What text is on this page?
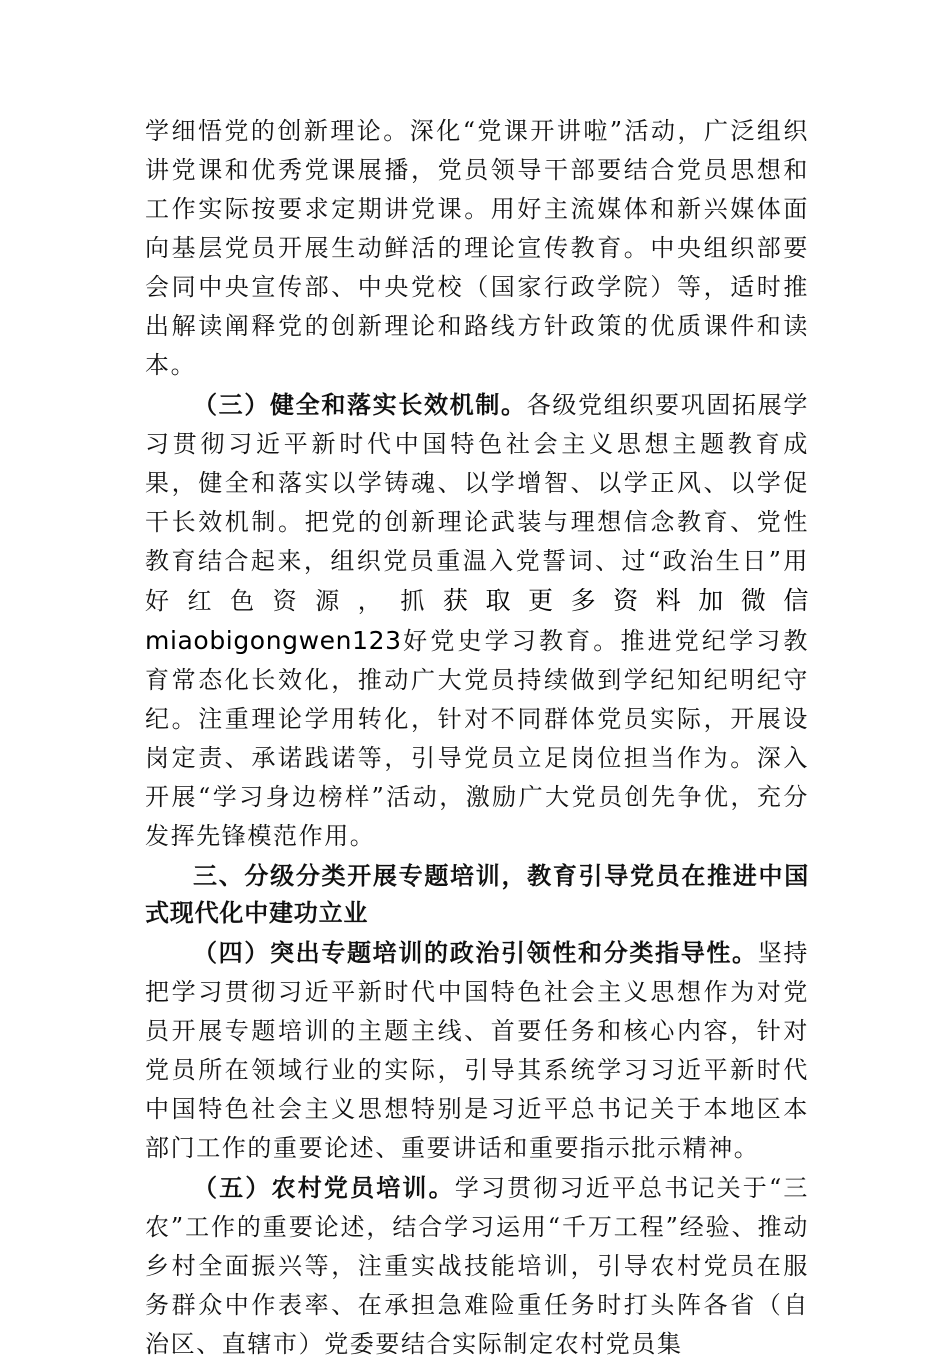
学细悟党的创新理论。深化“党课开讲啦”活动，广泛组织讲党课和优秀党课展播，党员领导干部要结合党员思想和工作实际按要求定期讲党课。用好主流媒体和新兴媒体面向基层党员开展生动鲜活的理论宣传教育。中央组织部要会同中央宣传部、中央党校（国家行政学院）等，适时推出解读阐释党的创新理论和路线方针政策的优质课件和读本。

（三）健全和落实长效机制。各级党组织要巩固拓展学习贯彻习近平新时代中国特色社会主义思想主题教育成果，健全和落实以学铸魂、以学增智、以学正风、以学促干长效机制。把党的创新理论武装与理想信念教育、党性教育结合起来，组织党员重温入党誓词、过“政治生日”用好红色资源，抓获取更多资料加微信miaobigongwen123好党史学习教育。推进党纪学习教育常态化长效化，推动广大党员持续做到学纪知纪明纪守纪。注重理论学用转化，针对不同群体党员实际，开展设岗定责、承诺践诺等，引导党员立足岗位担当作为。深入开展“学习身边榜样”活动，激励广大党员创先争优，充分发挥先锋模范作用。

三、分级分类开展专题培训，教育引导党员在推进中国式现代化中建功立业

（四）突出专题培训的政治引领性和分类指导性。坚持把学习贯彻习近平新时代中国特色社会主义思想作为对党员开展专题培训的主题主线、首要任务和核心内容，针对党员所在领域行业的实际，引导其系统学习习近平新时代中国特色社会主义思想特别是习近平总书记关于本地区本部门工作的重要论述、重要讲话和重要指示批示精神。

（五）农村党员培训。学习贯彻习近平总书记关于“三农”工作的重要论述，结合学习运用“千万工程”经验、推动乡村全面振兴等，注重实战技能培训，引导农村党员在服务群众中作表率、在承担急难险重任务时打头阵各省（自治区、直辖市）党委要结合实际制定农村党员集
